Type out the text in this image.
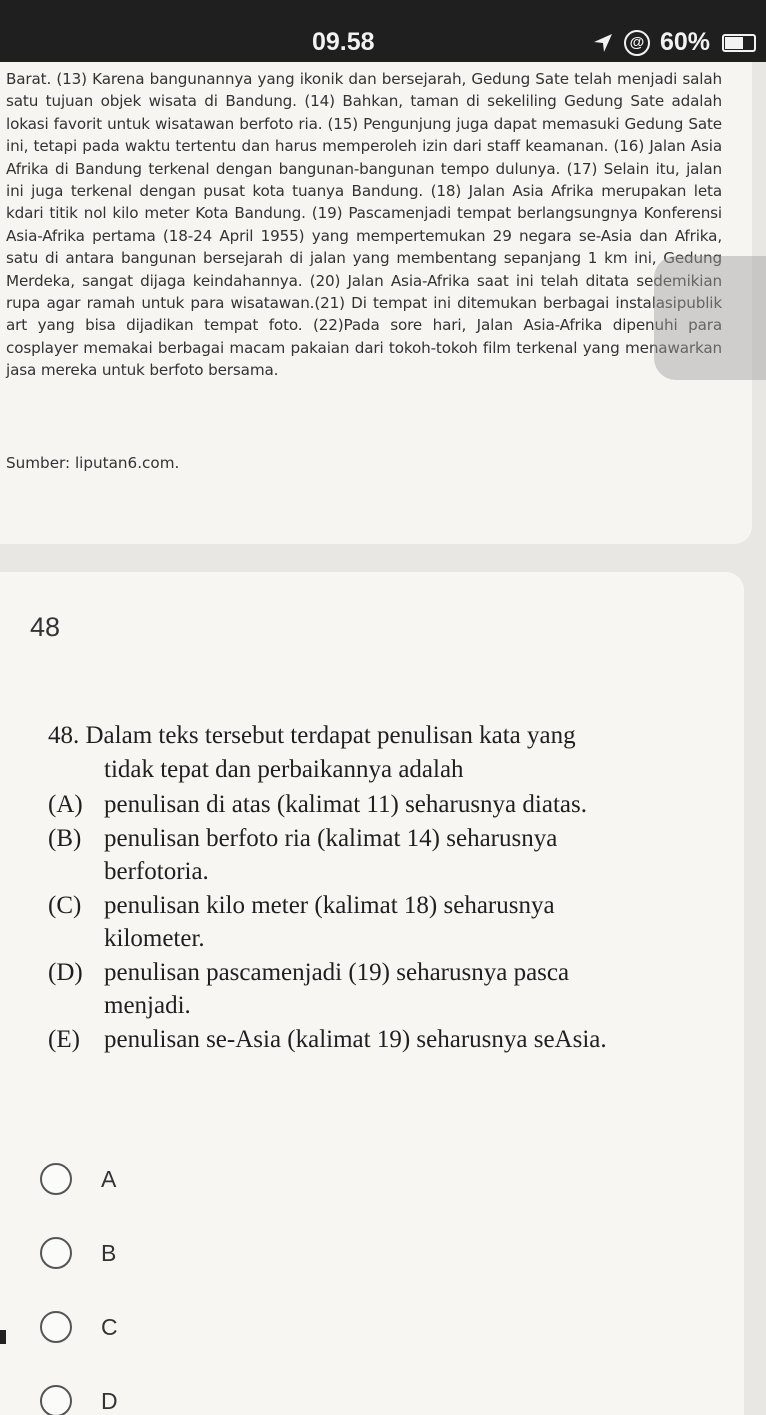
09.58	@ 60%

Barat. (13) Karena bangunannya yang ikonik dan bersejarah, Gedung Sate telah menjadi salah satu tujuan objek wisata di Bandung. (14) Bahkan, taman di sekeliling Gedung Sate adalah lokasi favorit untuk wisatawan berfoto ria. (15) Pengunjung juga dapat memasuki Gedung Sate ini, tetapi pada waktu tertentu dan harus memperoleh izin dari staff keamanan. (16) Jalan Asia Afrika di Bandung terkenal dengan bangunan-bangunan tempo dulunya. (17) Selain itu, jalan ini juga terkenal dengan pusat kota tuanya Bandung. (18) Jalan Asia Afrika merupakan leta kdari titik nol kilo meter Kota Bandung. (19) Pascamenjadi tempat berlangsungnya Konferensi Asia-Afrika pertama (18-24 April 1955) yang mempertemukan 29 negara se-Asia dan Afrika, satu di antara bangunan bersejarah di jalan yang membentang sepanjang 1 km ini, Gedung Merdeka, sangat dijaga keindahannya. (20) Jalan Asia-Afrika saat ini telah ditata sedemikian rupa agar ramah untuk para wisatawan.(21) Di tempat ini ditemukan berbagai instalasipublik art yang bisa dijadikan tempat foto. (22)Pada sore hari, Jalan Asia-Afrika dipenuhi para cosplayer memakai berbagai macam pakaian dari tokoh-tokoh film terkenal yang menawarkan jasa mereka untuk berfoto bersama.

Sumber: liputan6.com.

48
48. Dalam teks tersebut terdapat penulisan kata yang tidak tepat dan perbaikannya adalah
(A) penulisan di atas (kalimat 11) seharusnya diatas.
(B) penulisan berfoto ria (kalimat 14) seharusnya berfotoria.
(C) penulisan kilo meter (kalimat 18) seharusnya kilometer.
(D) penulisan pascamenjadi (19) seharusnya pasca menjadi.
(E) penulisan se-Asia (kalimat 19) seharusnya seAsia.
A
B
C
D
